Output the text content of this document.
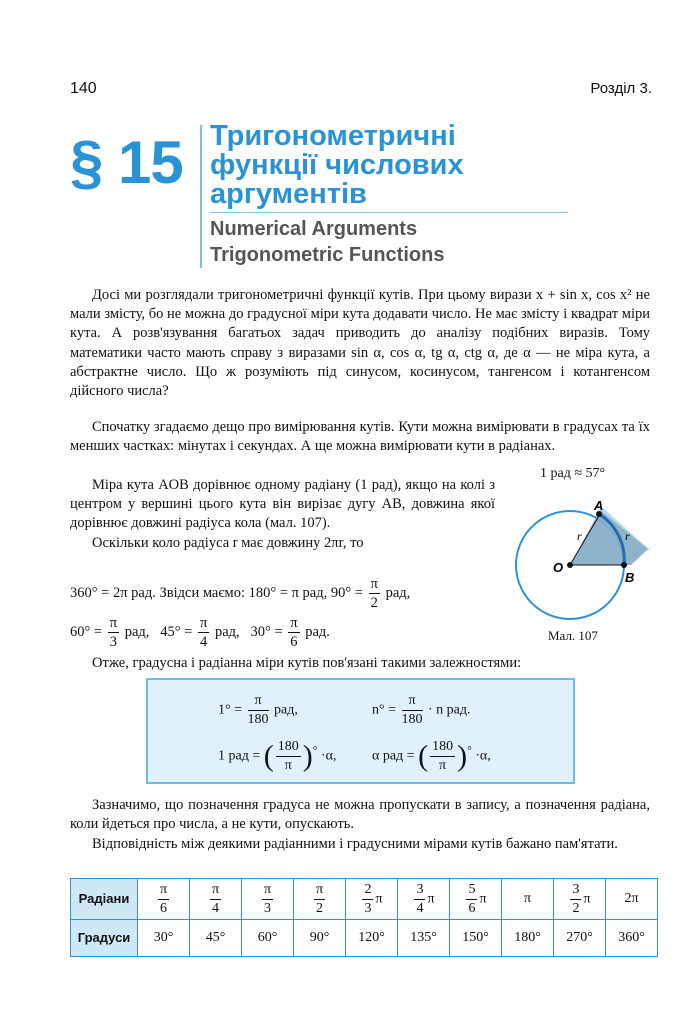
140	Розділ 3.
§ 15 Тригонометричні
функції числових
аргументів
Numerical Arguments
Trigonometric Functions

Досі ми розглядали тригонометричні функції кутів. При цьому вирази x + sin x, cos x² не мали змісту, бо не можна до градусної міри кута додавати число. Не має змісту і квадрат міри кута. А розв'язування багатьох задач приводить до аналізу подібних виразів. Тому математики часто мають справу з виразами sin α, cos α, tg α, ctg α, де α — не міра кута, а абстрактне число. Що ж розуміють під синусом, косинусом, тангенсом і котангенсом дійсного числа?

Спочатку згадаємо дещо про вимірювання кутів. Кути можна вимірювати в градусах та їх менших частках: мінутах і секундах. А ще можна вимірювати кути в радіанах.

Міра кута AOB дорівнює одному радіану (1 рад), якщо на колі з центром у вершині цього кута він вирізає дугу AB, довжина якої дорівнює довжині радіуса кола (мал. 107).

Оскільки коло радіуса r має довжину 2πr, то

360° = 2π рад. Звідси маємо: 180° = π рад, $90^\circ = \frac{\pi}{2}$ рад,
$60^\circ = \frac{\pi}{3}$ рад, $45^\circ = \frac{\pi}{4}$ рад, $30^\circ = \frac{\pi}{6}$ рад.
1 рад ≈ 57°
A
B
O
r	r
Мал. 107
Отже, градусна і радіанна міри кутів пов'язані такими залежностями:
$1^\circ = \frac{\pi}{180}$ рад,	$n^\circ = \frac{\pi}{180} \cdot n$ рад.
1 рад = ( $\frac{180}{\pi} )^\circ \cdot\alpha$,	α рад = ( $\frac{180}{\pi} )^\circ \cdot\alpha$,

Зазначимо, що позначення градуса не можна пропускати в запису, а позначення радіана, коли йдеться про числа, а не кути, опускають.

Відповідність між деякими радіанними і градусними мірами кутів бажано пам'ятати.

Радіани	$\frac{\pi}{6}$	$\frac{\pi}{4}$	$\frac{\pi}{3}$	$\frac{\pi}{2}$	$\frac{2}{3}$ π	$\frac{3}{4}$ π	$\frac{5}{6}$ π	π	$\frac{3}{2}$ π	2π
Градуси	30°	45°	60°	90°	120°	135°	150°	180°	270°	360°
